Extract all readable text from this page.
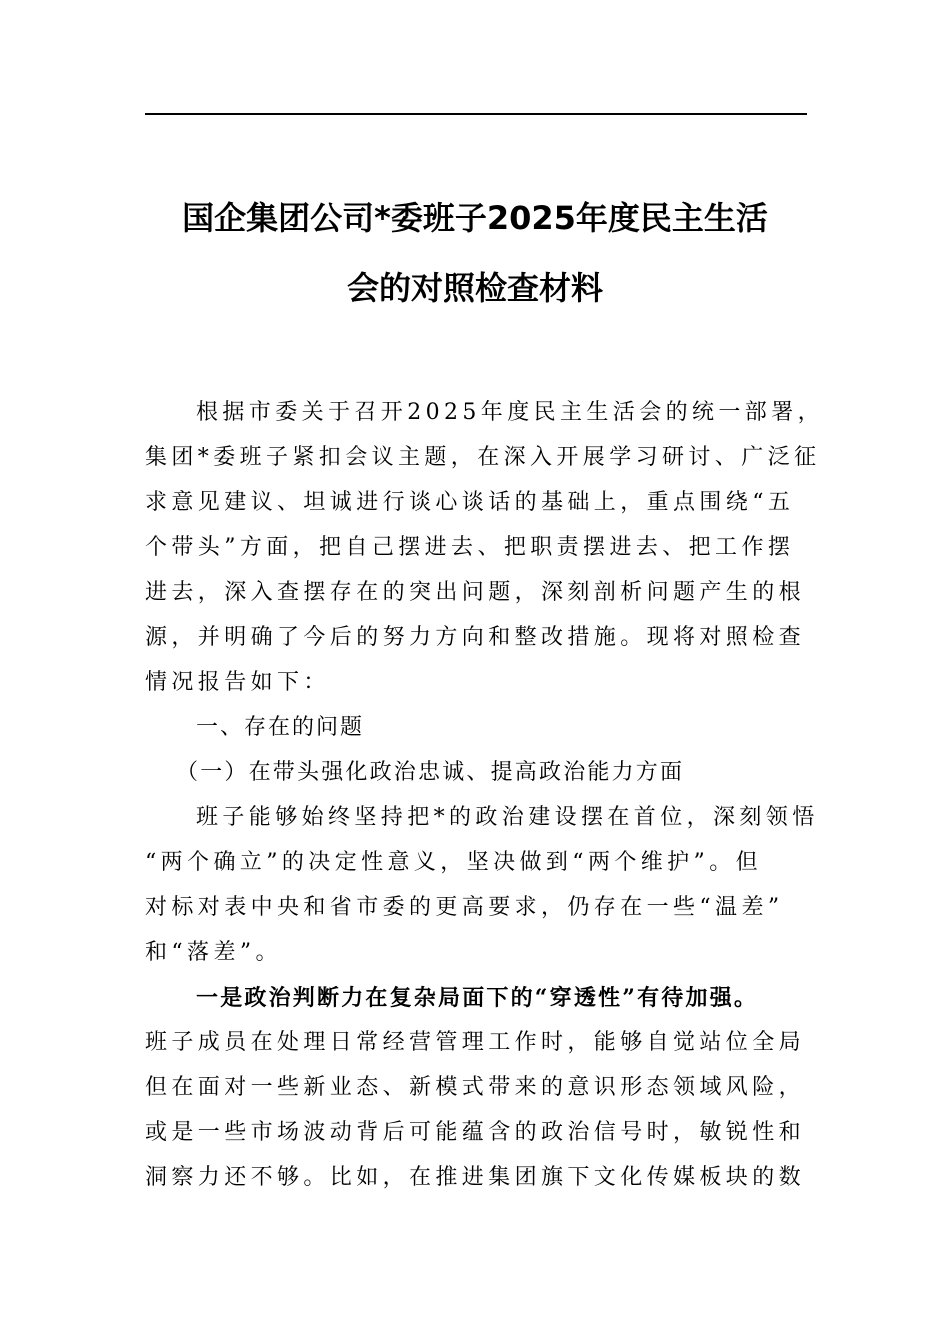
国企集团公司*委班子2025年度民主生活
会的对照检查材料

根据市委关于召开2025年度民主生活会的统一部署，

集团*委班子紧扣会议主题，在深入开展学习研讨、广泛征

求意见建议、坦诚进行谈心谈话的基础上，重点围绕“五

个带头”方面，把自己摆进去、把职责摆进去、把工作摆

进去，深入查摆存在的突出问题，深刻剖析问题产生的根

源，并明确了今后的努力方向和整改措施。现将对照检查

情况报告如下：

一、存在的问题

（一）在带头强化政治忠诚、提高政治能力方面

班子能够始终坚持把*的政治建设摆在首位，深刻领悟

“两个确立”的决定性意义，坚决做到“两个维护”。但

对标对表中央和省市委的更高要求，仍存在一些“温差”

和“落差”。

一是政治判断力在复杂局面下的“穿透性”有待加强。

班子成员在处理日常经营管理工作时，能够自觉站位全局

但在面对一些新业态、新模式带来的意识形态领域风险，

或是一些市场波动背后可能蕴含的政治信号时，敏锐性和

洞察力还不够。比如，在推进集团旗下文化传媒板块的数
